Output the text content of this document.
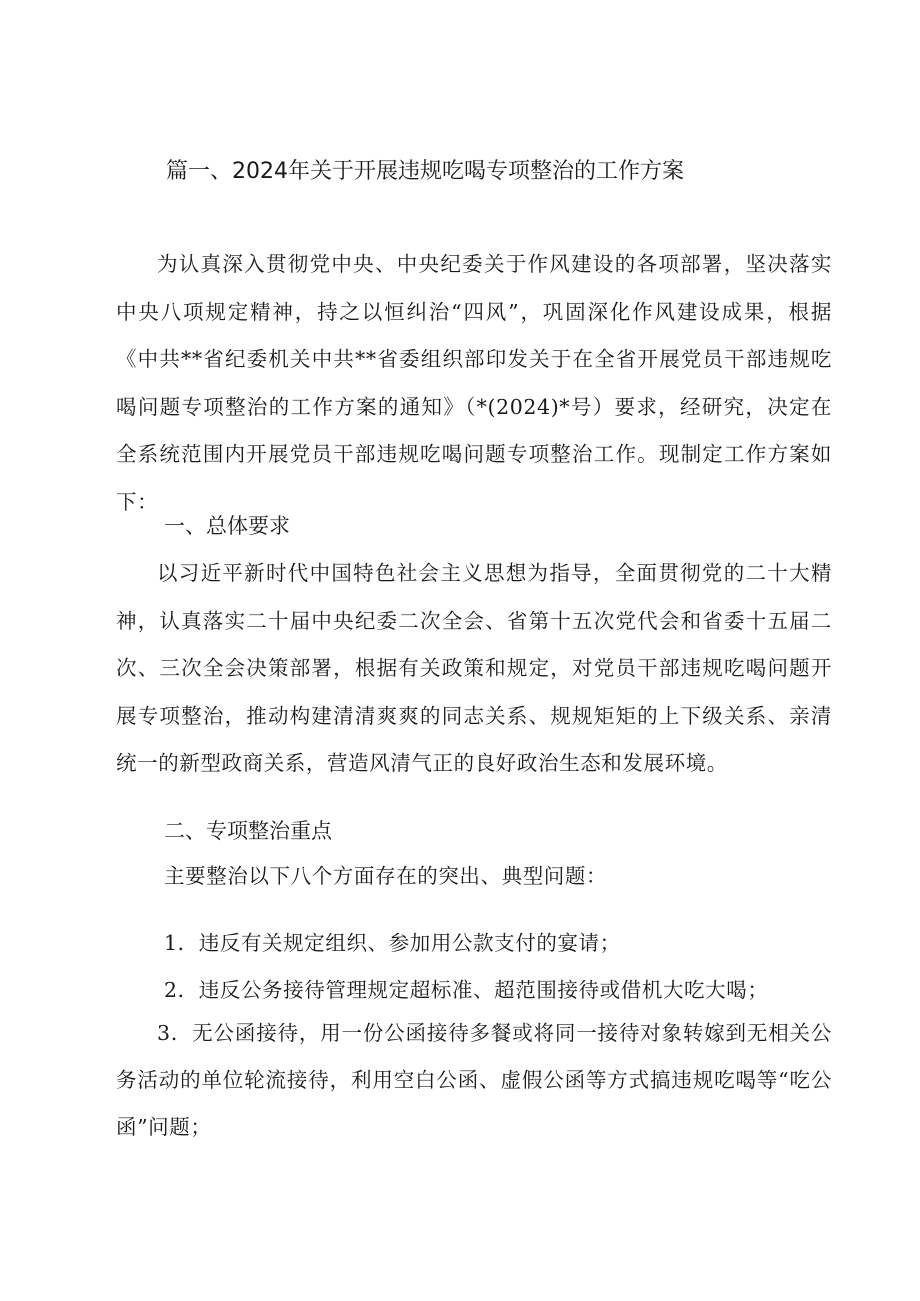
篇一、2024年关于开展违规吃喝专项整治的工作方案

为认真深入贯彻党中央、中央纪委关于作风建设的各项部署，坚决落实中央八项规定精神，持之以恒纠治“四风”，巩固深化作风建设成果，根据《中共**省纪委机关中共**省委组织部印发关于在全省开展党员干部违规吃喝问题专项整治的工作方案的通知》（*(2024)*号）要求，经研究，决定在全系统范围内开展党员干部违规吃喝问题专项整治工作。现制定工作方案如下：

一、总体要求

以习近平新时代中国特色社会主义思想为指导，全面贯彻党的二十大精神，认真落实二十届中央纪委二次全会、省第十五次党代会和省委十五届二次、三次全会决策部署，根据有关政策和规定，对党员干部违规吃喝问题开展专项整治，推动构建清清爽爽的同志关系、规规矩矩的上下级关系、亲清统一的新型政商关系，营造风清气正的良好政治生态和发展环境。

二、专项整治重点
主要整治以下八个方面存在的突出、典型问题：
1．违反有关规定组织、参加用公款支付的宴请；
2．违反公务接待管理规定超标准、超范围接待或借机大吃大喝；

3．无公函接待，用一份公函接待多餐或将同一接待对象转嫁到无相关公务活动的单位轮流接待，利用空白公函、虚假公函等方式搞违规吃喝等“吃公函”问题；
